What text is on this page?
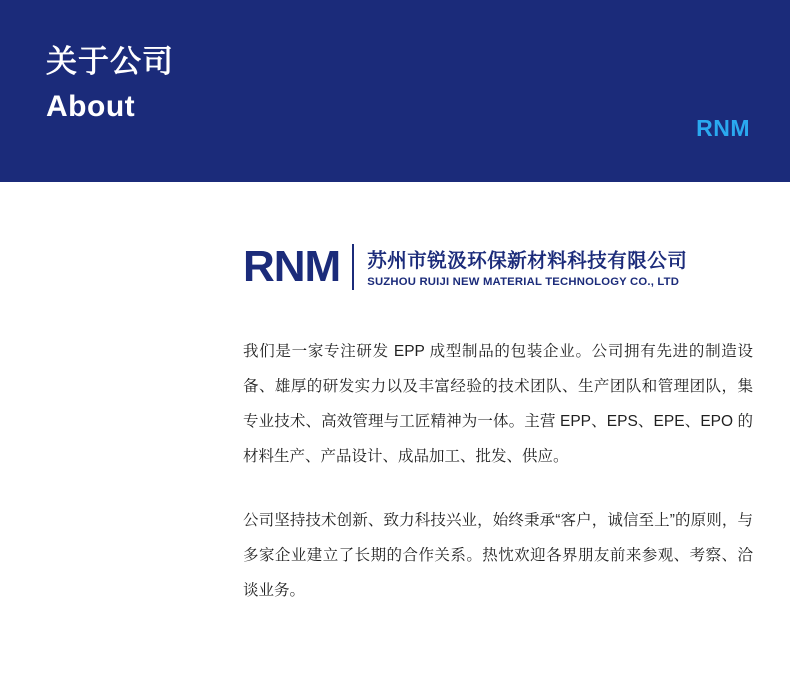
关于公司
About
RNM
RNM 苏州市锐汲环保新材料科技有限公司
SUZHOU RUIJI NEW MATERIAL TECHNOLOGY CO., LTD

我们是一家专注研发 EPP 成型制品的包装企业。公司拥有先进的制造设备、雄厚的研发实力以及丰富经验的技术团队、生产团队和管理团队，集专业技术、高效管理与工匠精神为一体。主营 EPP、EPS、EPE、EPO 的材料生产、产品设计、成品加工、批发、供应。

公司坚持技术创新、致力科技兴业，始终秉承“客户，诚信至上”的原则，与多家企业建立了长期的合作关系。热忱欢迎各界朋友前来参观、考察、洽谈业务。
